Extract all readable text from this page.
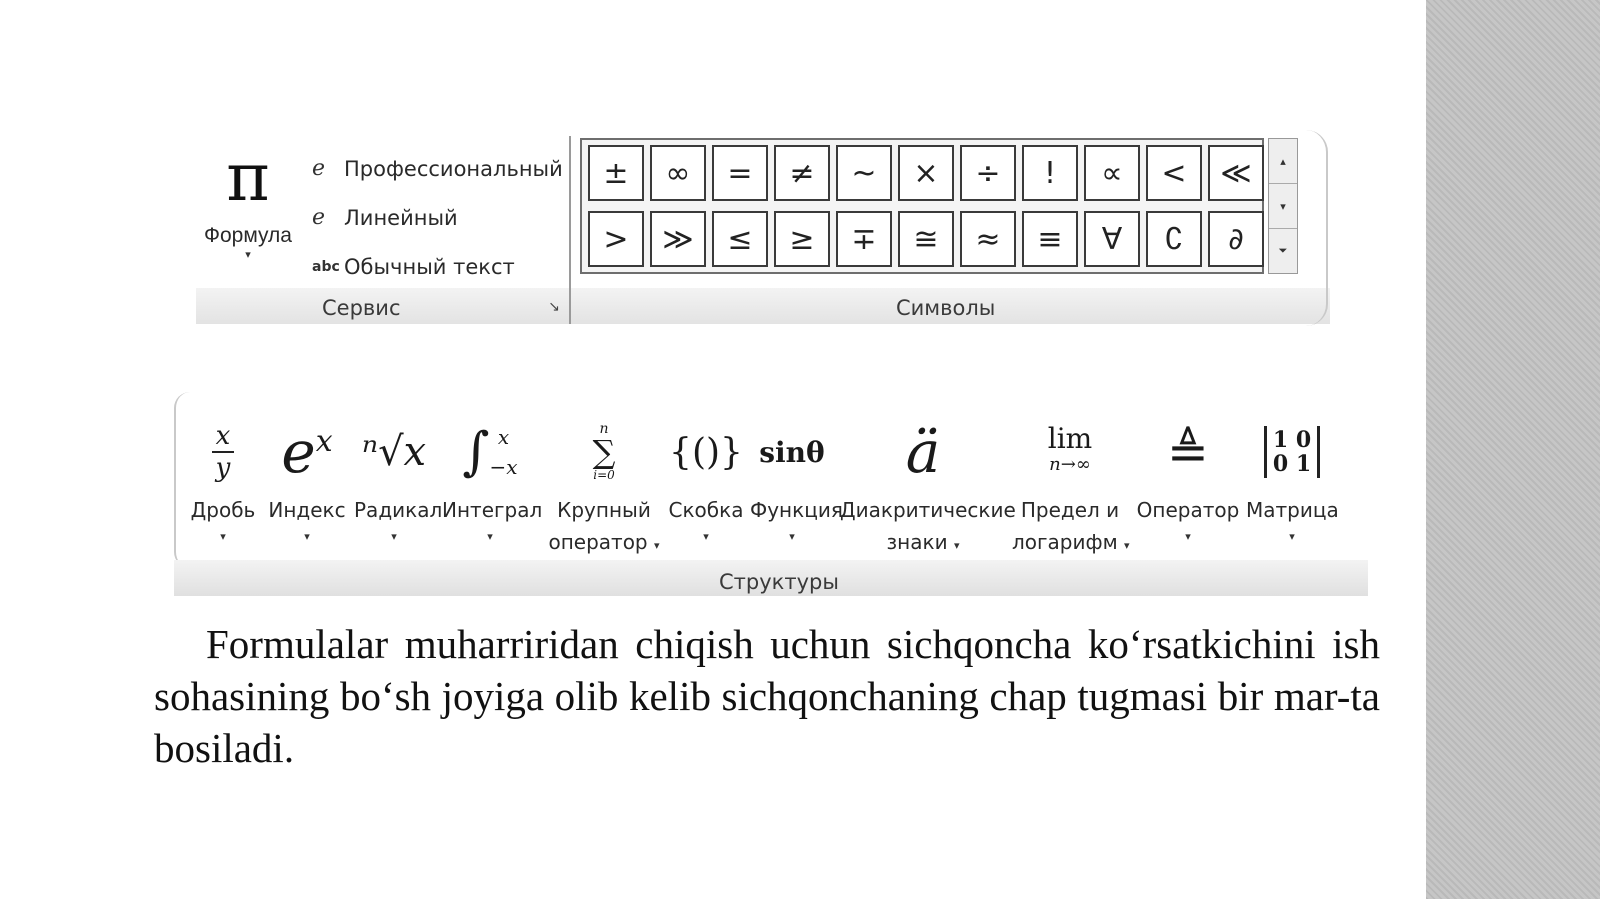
π
Формула
▾
e Профессиональный
e Линейный
abc Обычный текст
Сервис	↘
±	∞	=	≠	~	×	÷	!	∝	<	≪
>	≫	≤	≥	∓	≅	≈	≡	∀	∁	∂
▴
▾
⏷
Символы
$\frac{x}{y}$
Дробь
▾
e x
Индекс
▾
ⁿ√x
Радикал
▾
∫ x
−x
Интеграл
▾
n
∑
i=0
Крупный
оператор ▾
{()}
Скобка
▾
sinθ
Функция
▾
ä
Диакритические
знаки ▾
lim
n→∞
Предел и
логарифм ▾
≜
Оператор
▾
1 0
0 1
Матрица
▾
Структуры
Formulalar muharriridan chiqish uchun sichqoncha ko‘rsatkichini ish sohasining bo‘sh joyiga olib kelib sichqonchaning chap tugmasi bir mar-ta bosiladi.
